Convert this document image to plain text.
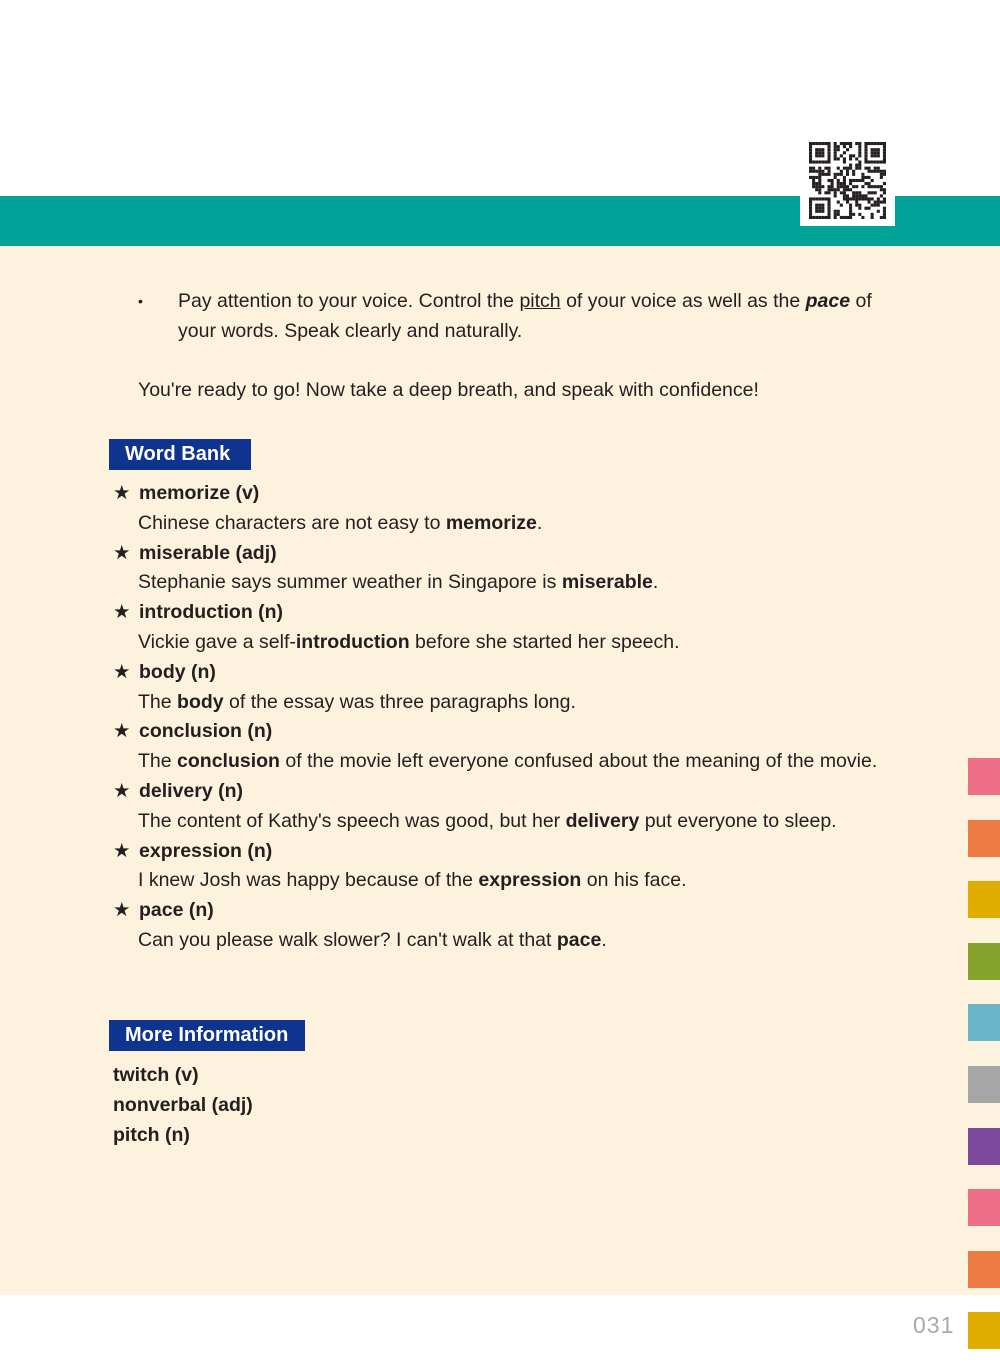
• Pay attention to your voice. Control the pitch of your voice as well as the pace of your words. Speak clearly and naturally.
You're ready to go! Now take a deep breath, and speak with confidence!
Word Bank
★ memorize (v)
Chinese characters are not easy to memorize.
★ miserable (adj)
Stephanie says summer weather in Singapore is miserable.
★ introduction (n)
Vickie gave a self-introduction before she started her speech.
★ body (n)
The body of the essay was three paragraphs long.
★ conclusion (n)
The conclusion of the movie left everyone confused about the meaning of the movie.
★ delivery (n)
The content of Kathy's speech was good, but her delivery put everyone to sleep.
★ expression (n)
I knew Josh was happy because of the expression on his face.
★ pace (n)
Can you please walk slower? I can't walk at that pace.
More Information
twitch (v)
nonverbal (adj)
pitch (n)
031
